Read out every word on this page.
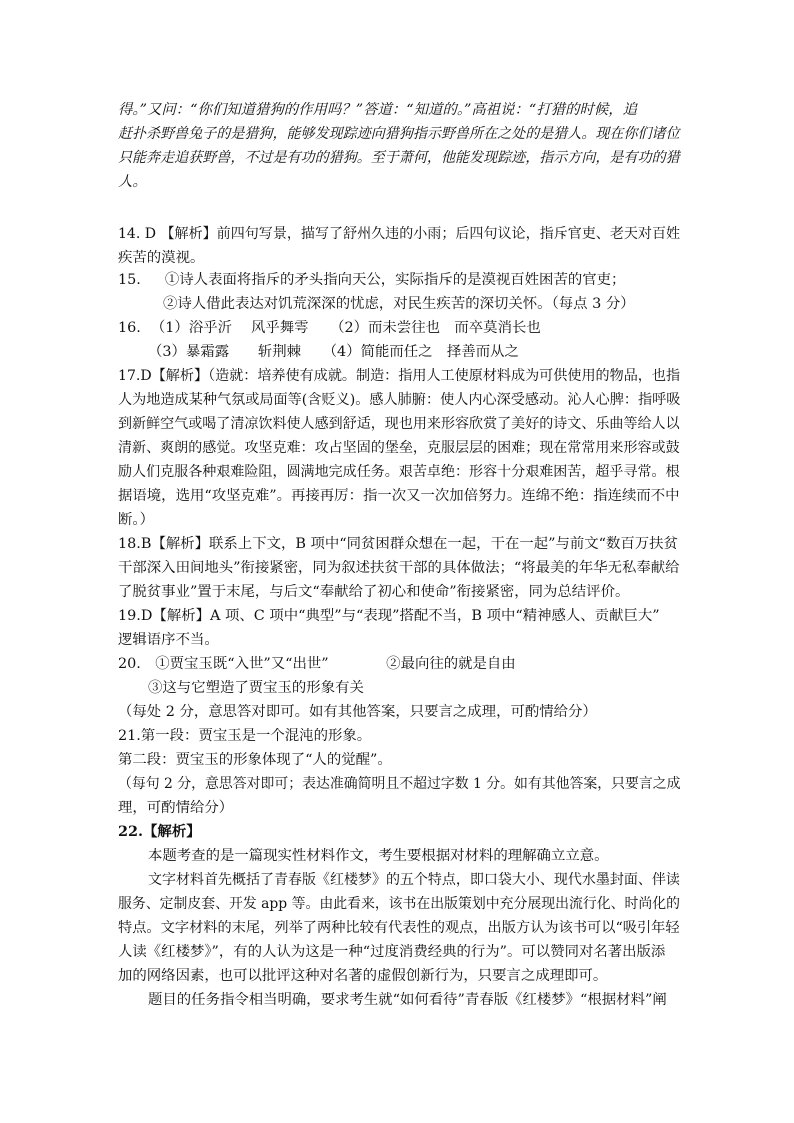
得。”又问：“你们知道猎狗的作用吗？”答道：“知道的。”高祖说：“打猎的时候，追
赶扑杀野兽兔子的是猎狗，能够发现踪迹向猎狗指示野兽所在之处的是猎人。现在你们诸位
只能奔走追获野兽，不过是有功的猎狗。至于萧何，他能发现踪迹，指示方向，是有功的猎
人。
14. D 【解析】前四句写景，描写了舒州久违的小雨；后四句议论，指斥官吏、老天对百姓
疾苦的漠视。
15. ①诗人表面将指斥的矛头指向天公，实际指斥的是漠视百姓困苦的官吏；
②诗人借此表达对饥荒深深的忧虑，对民生疾苦的深切关怀。（每点 3 分）
16. （1）浴乎沂　 风乎舞雩　　（2）而未尝往也　而卒莫消长也
（3）暴霜露　　斩荆棘　　（4）简能而任之　择善而从之
17.D【解析】（造就：培养使有成就。制造：指用人工使原材料成为可供使用的物品，也指
人为地造成某种气氛或局面等(含贬义)。感人肺腑：使人内心深受感动。沁人心脾：指呼吸
到新鲜空气或喝了清凉饮料使人感到舒适，现也用来形容欣赏了美好的诗文、乐曲等给人以
清新、爽朗的感觉。攻坚克难：攻占坚固的堡垒，克服层层的困难；现在常常用来形容或鼓
励人们克服各种艰难险阻，圆满地完成任务。艰苦卓绝：形容十分艰难困苦，超乎寻常。根
据语境，选用“攻坚克难”。再接再厉：指一次又一次加倍努力。连绵不绝：指连续而不中
断。）
18.B【解析】联系上下文，B 项中“同贫困群众想在一起，干在一起”与前文“数百万扶贫
干部深入田间地头”衔接紧密，同为叙述扶贫干部的具体做法；“将最美的年华无私奉献给
了脱贫事业”置于末尾，与后文“奉献给了初心和使命”衔接紧密，同为总结评价。
19.D【解析】A 项、C 项中“典型”与“表现”搭配不当，B 项中“精神感人、贡献巨大”
逻辑语序不当。
20.　①贾宝玉既“入世”又“出世”　　　　②最向往的就是自由
③这与它塑造了贾宝玉的形象有关
（每处 2 分，意思答对即可。如有其他答案，只要言之成理，可酌情给分）
21.第一段：贾宝玉是一个混沌的形象。
第二段：贾宝玉的形象体现了“人的觉醒”。
（每句 2 分，意思答对即可；表达准确简明且不超过字数 1 分。如有其他答案，只要言之成
理，可酌情给分）
22.【解析】
本题考查的是一篇现实性材料作文，考生要根据对材料的理解确立立意。
文字材料首先概括了青春版《红楼梦》的五个特点，即口袋大小、现代水墨封面、伴读
服务、定制皮套、开发 app 等。由此看来，该书在出版策划中充分展现出流行化、时尚化的
特点。文字材料的末尾，列举了两种比较有代表性的观点，出版方认为该书可以“吸引年轻
人读《红楼梦》”，有的人认为这是一种“过度消费经典的行为”。可以赞同对名著出版添
加的网络因素，也可以批评这种对名著的虚假创新行为，只要言之成理即可。
题目的任务指令相当明确，要求考生就“如何看待”青春版《红楼梦》“根据材料”阐
